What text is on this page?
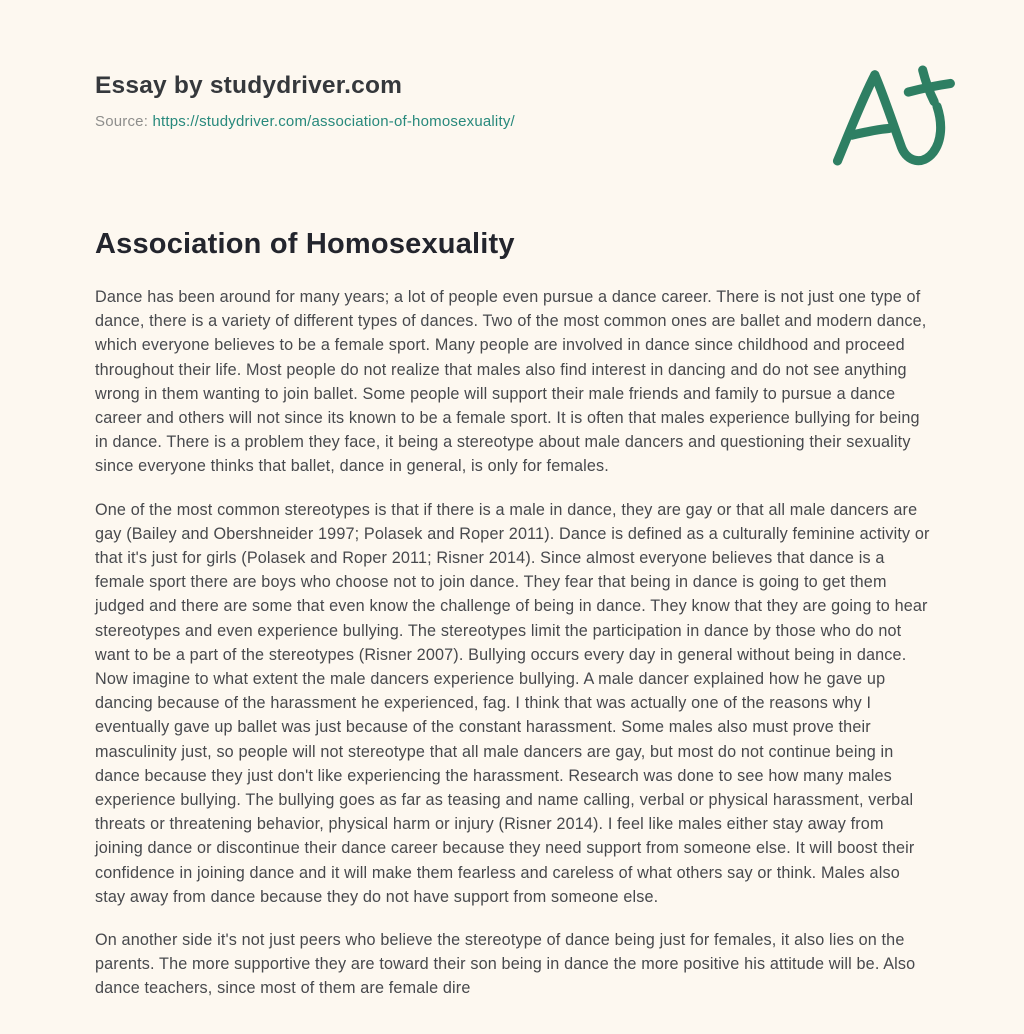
Essay by studydriver.com
Source: https://studydriver.com/association-of-homosexuality/
Association of Homosexuality

Dance has been around for many years; a lot of people even pursue a dance career. There is not just one type of dance, there is a variety of different types of dances. Two of the most common ones are ballet and modern dance, which everyone believes to be a female sport. Many people are involved in dance since childhood and proceed throughout their life. Most people do not realize that males also find interest in dancing and do not see anything wrong in them wanting to join ballet. Some people will support their male friends and family to pursue a dance career and others will not since its known to be a female sport. It is often that males experience bullying for being in dance. There is a problem they face, it being a stereotype about male dancers and questioning their sexuality since everyone thinks that ballet, dance in general, is only for females.

One of the most common stereotypes is that if there is a male in dance, they are gay or that all male dancers are gay (Bailey and Obershneider 1997; Polasek and Roper 2011). Dance is defined as a culturally feminine activity or that it's just for girls (Polasek and Roper 2011; Risner 2014). Since almost everyone believes that dance is a female sport there are boys who choose not to join dance. They fear that being in dance is going to get them judged and there are some that even know the challenge of being in dance. They know that they are going to hear stereotypes and even experience bullying. The stereotypes limit the participation in dance by those who do not want to be a part of the stereotypes (Risner 2007). Bullying occurs every day in general without being in dance. Now imagine to what extent the male dancers experience bullying. A male dancer explained how he gave up dancing because of the harassment he experienced, fag. I think that was actually one of the reasons why I eventually gave up ballet was just because of the constant harassment. Some males also must prove their masculinity just, so people will not stereotype that all male dancers are gay, but most do not continue being in dance because they just don't like experiencing the harassment. Research was done to see how many males experience bullying. The bullying goes as far as teasing and name calling, verbal or physical harassment, verbal threats or threatening behavior, physical harm or injury (Risner 2014). I feel like males either stay away from joining dance or discontinue their dance career because they need support from someone else. It will boost their confidence in joining dance and it will make them fearless and careless of what others say or think. Males also stay away from dance because they do not have support from someone else.

On another side it's not just peers who believe the stereotype of dance being just for females, it also lies on the parents. The more supportive they are toward their son being in dance the more positive his attitude will be. Also dance teachers, since most of them are female dire
